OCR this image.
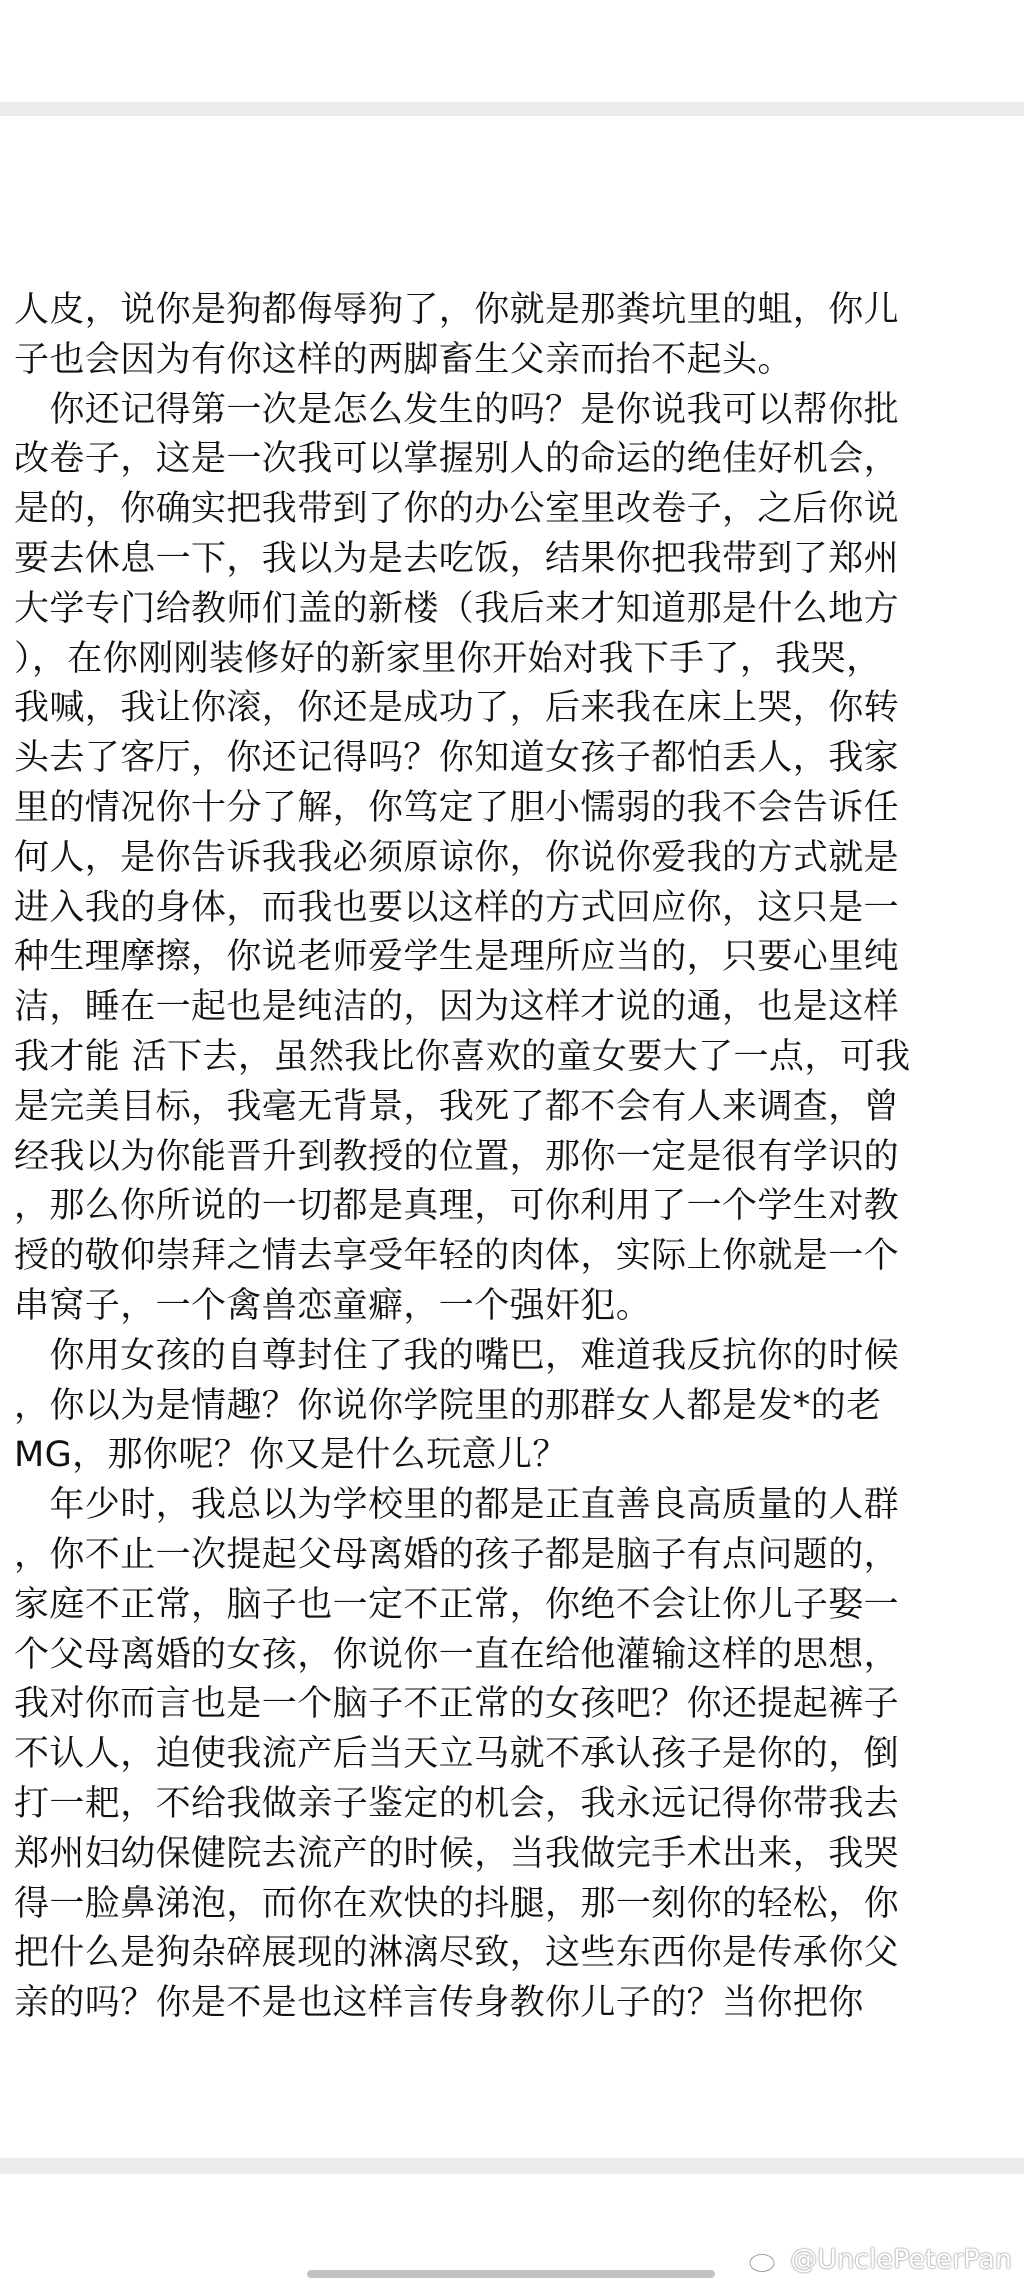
人皮，说你是狗都侮辱狗了，你就是那粪坑里的蛆，你儿
子也会因为有你这样的两脚畜生父亲而抬不起头。
　你还记得第一次是怎么发生的吗？是你说我可以帮你批
改卷子，这是一次我可以掌握别人的命运的绝佳好机会，
是的，你确实把我带到了你的办公室里改卷子，之后你说
要去休息一下，我以为是去吃饭，结果你把我带到了郑州
大学专门给教师们盖的新楼（我后来才知道那是什么地方
），在你刚刚装修好的新家里你开始对我下手了，我哭，
我喊，我让你滚，你还是成功了，后来我在床上哭，你转
头去了客厅，你还记得吗？你知道女孩子都怕丢人，我家
里的情况你十分了解，你笃定了胆小懦弱的我不会告诉任
何人，是你告诉我我必须原谅你，你说你爱我的方式就是
进入我的身体，而我也要以这样的方式回应你，这只是一
种生理摩擦，你说老师爱学生是理所应当的，只要心里纯
洁，睡在一起也是纯洁的，因为这样才说的通，也是这样
我才能 活下去，虽然我比你喜欢的童女要大了一点，可我
是完美目标，我毫无背景，我死了都不会有人来调查，曾
经我以为你能晋升到教授的位置，那你一定是很有学识的
，那么你所说的一切都是真理，可你利用了一个学生对教
授的敬仰崇拜之情去享受年轻的肉体，实际上你就是一个
串窝子，一个禽兽恋童癖，一个强奸犯。
　你用女孩的自尊封住了我的嘴巴，难道我反抗你的时候
，你以为是情趣？你说你学院里的那群女人都是发*的老
MG，那你呢？你又是什么玩意儿？
　年少时，我总以为学校里的都是正直善良高质量的人群
，你不止一次提起父母离婚的孩子都是脑子有点问题的，
家庭不正常，脑子也一定不正常，你绝不会让你儿子娶一
个父母离婚的女孩，你说你一直在给他灌输这样的思想，
我对你而言也是一个脑子不正常的女孩吧？你还提起裤子
不认人，迫使我流产后当天立马就不承认孩子是你的，倒
打一耙，不给我做亲子鉴定的机会，我永远记得你带我去
郑州妇幼保健院去流产的时候，当我做完手术出来，我哭
得一脸鼻涕泡，而你在欢快的抖腿，那一刻你的轻松，你
把什么是狗杂碎展现的淋漓尽致，这些东西你是传承你父
亲的吗？你是不是也这样言传身教你儿子的？当你把你
@UnclePeterPan
